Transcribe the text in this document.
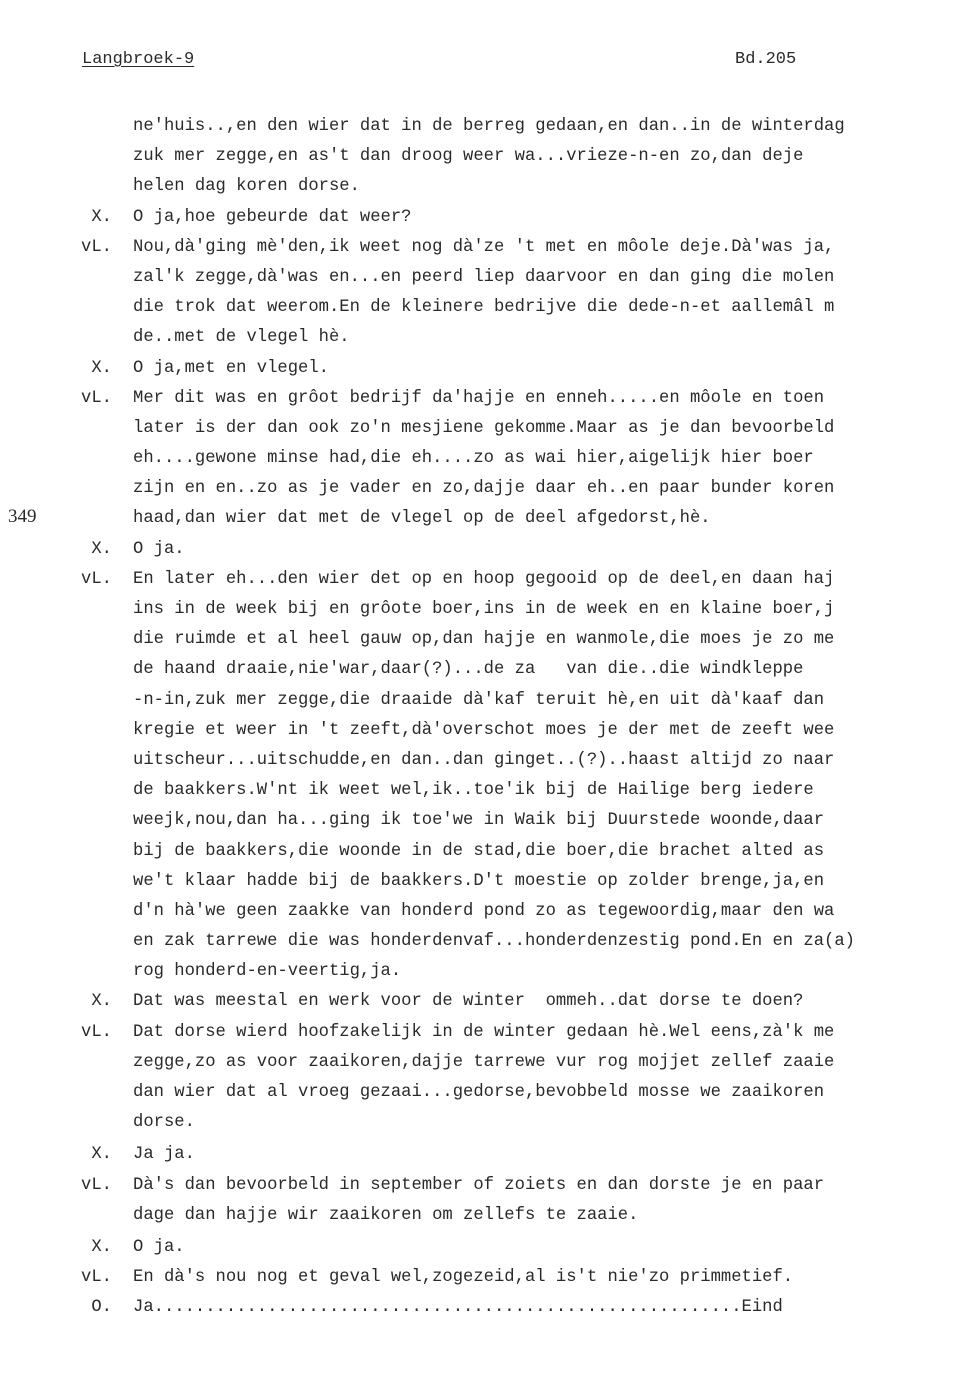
Langbroek-9	Bd.205
349
ne'huis..,en den wier dat in de berreg gedaan,en dan..in de winterdag
zuk mer zegge,en as't dan droog weer wa...vrieze-n-en zo,dan deje
helen dag koren dorse.
X. O ja,hoe gebeurde dat weer?
vL. Nou,dà'ging mè'den,ik weet nog dà'ze 't met en môole deje.Dà'was ja,
zal'k zegge,dà'was en...en peerd liep daarvoor en dan ging die molen
die trok dat weerom.En de kleinere bedrijve die dede-n-et aallemâl m
de..met de vlegel hè.
X. O ja,met en vlegel.
vL. Mer dit was en grôot bedrijf da'hajje en enneh.....en môole en toen
later is der dan ook zo'n mesjiene gekomme.Maar as je dan bevoorbeld
eh....gewone minse had,die eh....zo as wai hier,aigelijk hier boer
zijn en en..zo as je vader en zo,dajje daar eh..en paar bunder koren
haad,dan wier dat met de vlegel op de deel afgedorst,hè.
X. O ja.
vL. En later eh...den wier det op en hoop gegooid op de deel,en daan haj
ins in de week bij en grôote boer,ins in de week en en klaine boer,j
die ruimde et al heel gauw op,dan hajje en wanmole,die moes je zo me
de haand draaie,nie'war,daar(?)...de za   van die..die windkleppe
-n-in,zuk mer zegge,die draaide dà'kaf teruit hè,en uit dà'kaaf dan
kregie et weer in 't zeeft,dà'overschot moes je der met de zeeft wee
uitscheur...uitschudde,en dan..dan ginget..(?)..haast altijd zo naar
de baakkers.W'nt ik weet wel,ik..toe'ik bij de Hailige berg iedere
weejk,nou,dan ha...ging ik toe'we in Waik bij Duurstede woonde,daar
bij de baakkers,die woonde in de stad,die boer,die brachet alted as
we't klaar hadde bij de baakkers.D't moestie op zolder brenge,ja,en
d'n hà'we geen zaakke van honderd pond zo as tegewoordig,maar den wa
en zak tarrewe die was honderdenvaf...honderdenzestig pond.En en za(a)
rog honderd-en-veertig,ja.
X. Dat was meestal en werk voor de winter  ommeh..dat dorse te doen?
vL. Dat dorse wierd hoofzakelijk in de winter gedaan hè.Wel eens,zà'k me
zegge,zo as voor zaaikoren,dajje tarrewe vur rog mojjet zellef zaaie
dan wier dat al vroeg gezaai...gedorse,bevobbeld mosse we zaaikoren
dorse.
X. Ja ja.
vL. Dà's dan bevoorbeld in september of zoiets en dan dorste je en paar
dage dan hajje wir zaaikoren om zellefs te zaaie.
X. O ja.
vL. En dà's nou nog et geval wel,zogezeid,al is't nie'zo primmetief.
O. Ja.........................................................Eind
